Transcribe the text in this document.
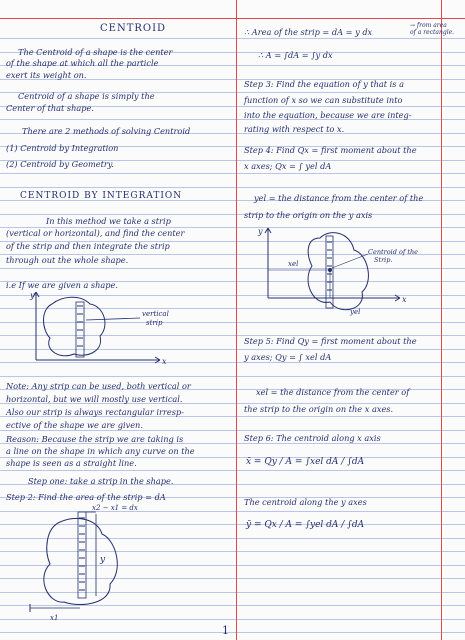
CENTROID
The Centroid of a shape is the center
of the shape at which all the particle
exert its weight on.
Centroid of a shape is simply the
Center of that shape.
There are 2 methods of solving Centroid
(1) Centroid by Integration
(2) Centroid by Geometry.
CENTROID BY INTEGRATION
In this method we take a strip
(vertical or horizontal), and find the center
of the strip and then integrate the strip
through out the whole shape.
i.e If we are given a shape.
y
x
vertical
strip
Note: Any strip can be used, both vertical or
horizontal, but we will mostly use vertical.
Also our strip is always rectangular irresp-
ective of the shape we are given.
Reason: Because the strip we are taking is
a line on the shape in which any curve on the
shape is seen as a straight line.
Step one: take a strip in the shape.
Step 2: Find the area of the strip = dA
x2 − x1 = dx
y
x1
∴ Area of the strip = dA = y dx
→ from area
of a rectangle.
∴ A = ∫dA = ∫y dx
Step 3: Find the equation of y that is a
function of x so we can substitute into
into the equation, because we are integ-
rating with respect to x.
Step 4: Find Qx = first moment about the
x axes; Qx = ∫ yel dA
yel = the distance from the center of the
strip to the origin on the y axis
y
x
xel
yel
Centroid of the
Strip.
Step 5: Find Qy = first moment about the
y axes; Qy = ∫ xel dA
xel = the distance from the center of
the strip to the origin on the x axes.
Step 6: The centroid along x axis
x̄ = Qy / A = ∫xel dA / ∫dA
The centroid along the y axes
ȳ = Qx / A = ∫yel dA / ∫dA
1
